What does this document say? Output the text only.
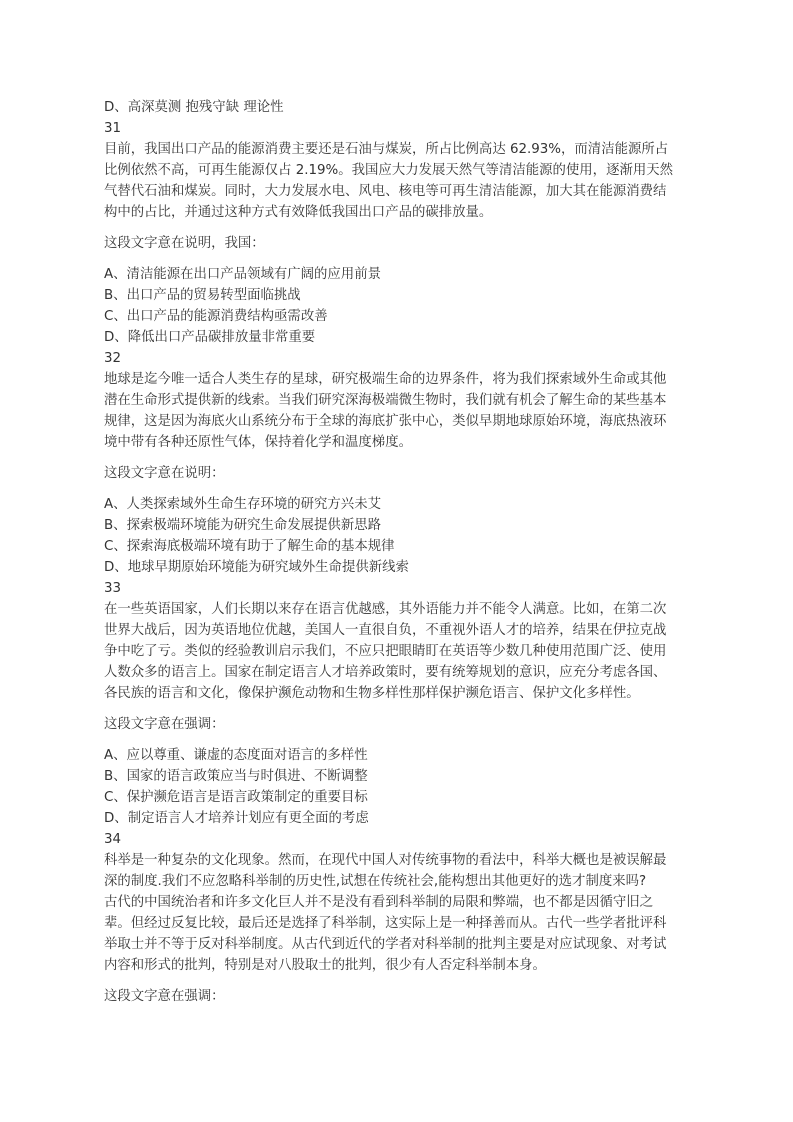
D、高深莫测 抱残守缺 理论性
31
目前，我国出口产品的能源消费主要还是石油与煤炭，所占比例高达 62.93%，而清洁能源所占
比例依然不高，可再生能源仅占 2.19%。我国应大力发展天然气等清洁能源的使用，逐渐用天然
气替代石油和煤炭。同时，大力发展水电、风电、核电等可再生清洁能源，加大其在能源消费结
构中的占比，并通过这种方式有效降低我国出口产品的碳排放量。
这段文字意在说明，我国：
A、清洁能源在出口产品领域有广阔的应用前景
B、出口产品的贸易转型面临挑战
C、出口产品的能源消费结构亟需改善
D、降低出口产品碳排放量非常重要
32
地球是迄今唯一适合人类生存的星球，研究极端生命的边界条件，将为我们探索域外生命或其他
潜在生命形式提供新的线索。当我们研究深海极端微生物时，我们就有机会了解生命的某些基本
规律，这是因为海底火山系统分布于全球的海底扩张中心，类似早期地球原始环境，海底热液环
境中带有各种还原性气体，保持着化学和温度梯度。
这段文字意在说明：
A、人类探索域外生命生存环境的研究方兴未艾
B、探索极端环境能为研究生命发展提供新思路
C、探索海底极端环境有助于了解生命的基本规律
D、地球早期原始环境能为研究域外生命提供新线索
33
在一些英语国家，人们长期以来存在语言优越感，其外语能力并不能令人满意。比如，在第二次
世界大战后，因为英语地位优越，美国人一直很自负，不重视外语人才的培养，结果在伊拉克战
争中吃了亏。类似的经验教训启示我们，不应只把眼睛盯在英语等少数几种使用范围广泛、使用
人数众多的语言上。国家在制定语言人才培养政策时，要有统筹规划的意识，应充分考虑各国、
各民族的语言和文化，像保护濒危动物和生物多样性那样保护濒危语言、保护文化多样性。
这段文字意在强调：
A、应以尊重、谦虚的态度面对语言的多样性
B、国家的语言政策应当与时俱进、不断调整
C、保护濒危语言是语言政策制定的重要目标
D、制定语言人才培养计划应有更全面的考虑
34
科举是一种复杂的文化现象。然而，在现代中国人对传统事物的看法中，科举大概也是被误解最
深的制度.我们不应忽略科举制的历史性,试想在传统社会,能构想出其他更好的选才制度来吗?
古代的中国统治者和许多文化巨人并不是没有看到科举制的局限和弊端，也不都是因循守旧之
辈。但经过反复比较，最后还是选择了科举制，这实际上是一种择善而从。古代一些学者批评科
举取士并不等于反对科举制度。从古代到近代的学者对科举制的批判主要是对应试现象、对考试
内容和形式的批判，特别是对八股取士的批判，很少有人否定科举制本身。
这段文字意在强调：
